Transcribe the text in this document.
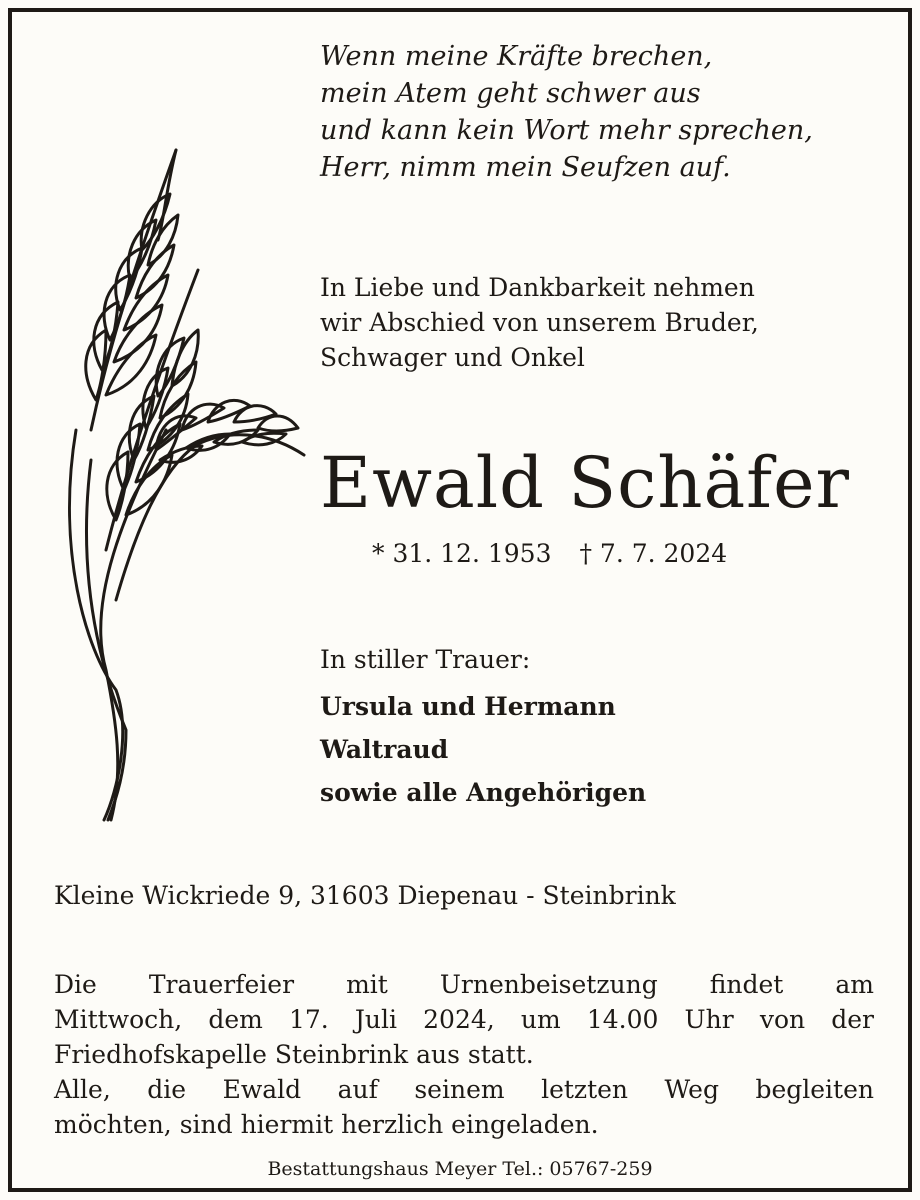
Wenn meine Kräfte brechen,
mein Atem geht schwer aus
und kann kein Wort mehr sprechen,
Herr, nimm mein Seufzen auf.
In Liebe und Dankbarkeit nehmen
wir Abschied von unserem Bruder,
Schwager und Onkel
Ewald Schäfer
* 31. 12. 1953 † 7. 7. 2024
In stiller Trauer:
Ursula und Hermann
Waltraud
sowie alle Angehörigen
Kleine Wickriede 9, 31603 Diepenau - Steinbrink

Die Trauerfeier mit Urnenbeisetzung findet am

Mittwoch, dem 17. Juli 2024, um 14.00 Uhr von der

Friedhofskapelle Steinbrink aus statt.

Alle, die Ewald auf seinem letzten Weg begleiten

möchten, sind hiermit herzlich eingeladen.

Bestattungshaus Meyer Tel.: 05767-259
